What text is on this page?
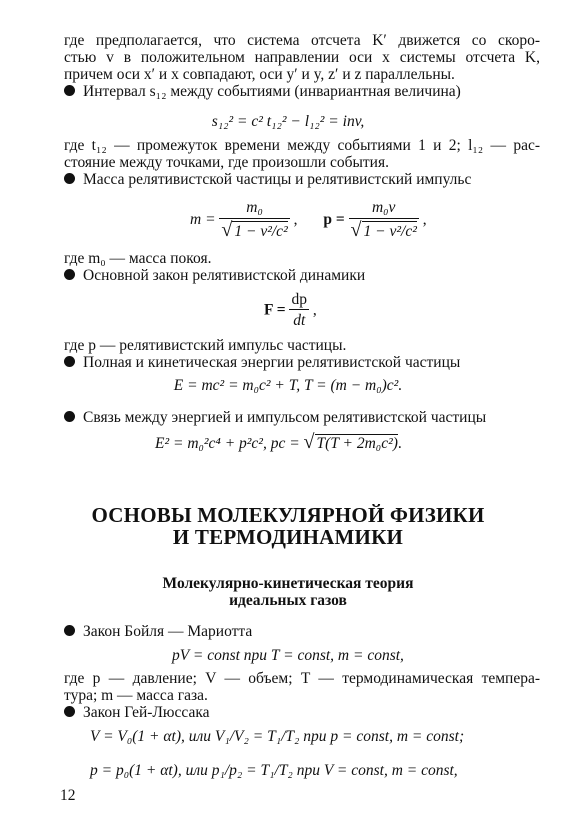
где предполагается, что система отсчета K′ движется со скоро-
стью v в положительном направлении оси x системы отсчета K,
причем оси x′ и x совпадают, оси y′ и y, z′ и z параллельны.
Интервал s₁₂ между событиями (инвариантная величина)
s₁₂² = c² t₁₂² − l₁₂² = inv,
где t₁₂ — промежуток времени между событиями 1 и 2; l₁₂ — рас-
стояние между точками, где произошли события.
Масса релятивистской частицы и релятивистский импульс
$m = \frac{\text{m₀}}{\text{√ 1 − v²/c²}}$ , $p = \frac{\text{m₀v}}{\text{√ 1 − v²/c²}}$ ,
где m₀ — масса покоя.
Основной закон релятивистской динамики
$F = \frac{dp}{dt}$ ,
где p — релятивистский импульс частицы.
Полная и кинетическая энергии релятивистской частицы
E = mc² = m₀c² + T, T = (m − m₀)c².
Связь между энергией и импульсом релятивистской частицы
E² = m₀²c⁴ + p²c², pc = √ T(T + 2m₀c²).
ОСНОВЫ МОЛЕКУЛЯРНОЙ ФИЗИКИ
И ТЕРМОДИНАМИКИ
Молекулярно-кинетическая теория
идеальных газов
Закон Бойля — Мариотта
pV = const при T = const, m = const,
где p — давление; V — объем; T — термодинамическая темпера-
тура; m — масса газа.
Закон Гей-Люссака
V = V₀(1 + αt), или V₁/V₂ = T₁/T₂ при p = const, m = const;
p = p₀(1 + αt), или p₁/p₂ = T₁/T₂ при V = const, m = const,
12
